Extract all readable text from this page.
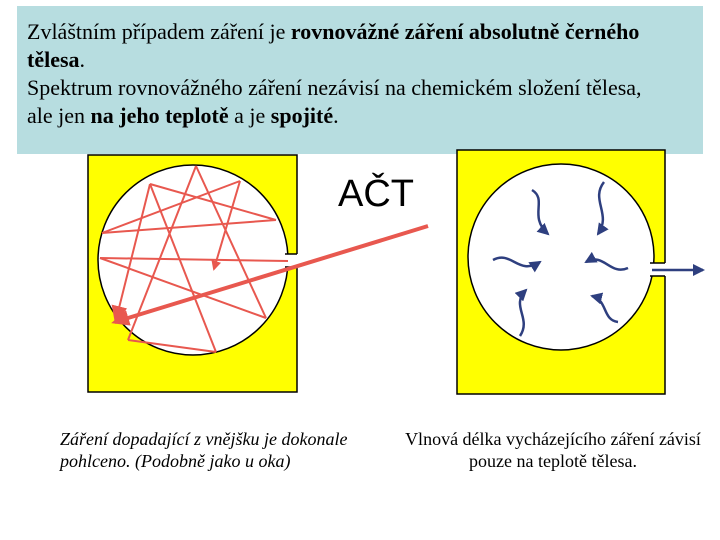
Zvláštním případem záření je rovnovážné záření absolutně černého

tělesa.

Spektrum rovnovážného záření nezávisí na chemickém složení tělesa,

ale jen na jeho teplotě a je spojité.

AČT
Záření dopadající z vnějšku je dokonale pohlceno. (Podobně jako u oka)
Vlnová délka vycházejícího záření závisí pouze na teplotě tělesa.
